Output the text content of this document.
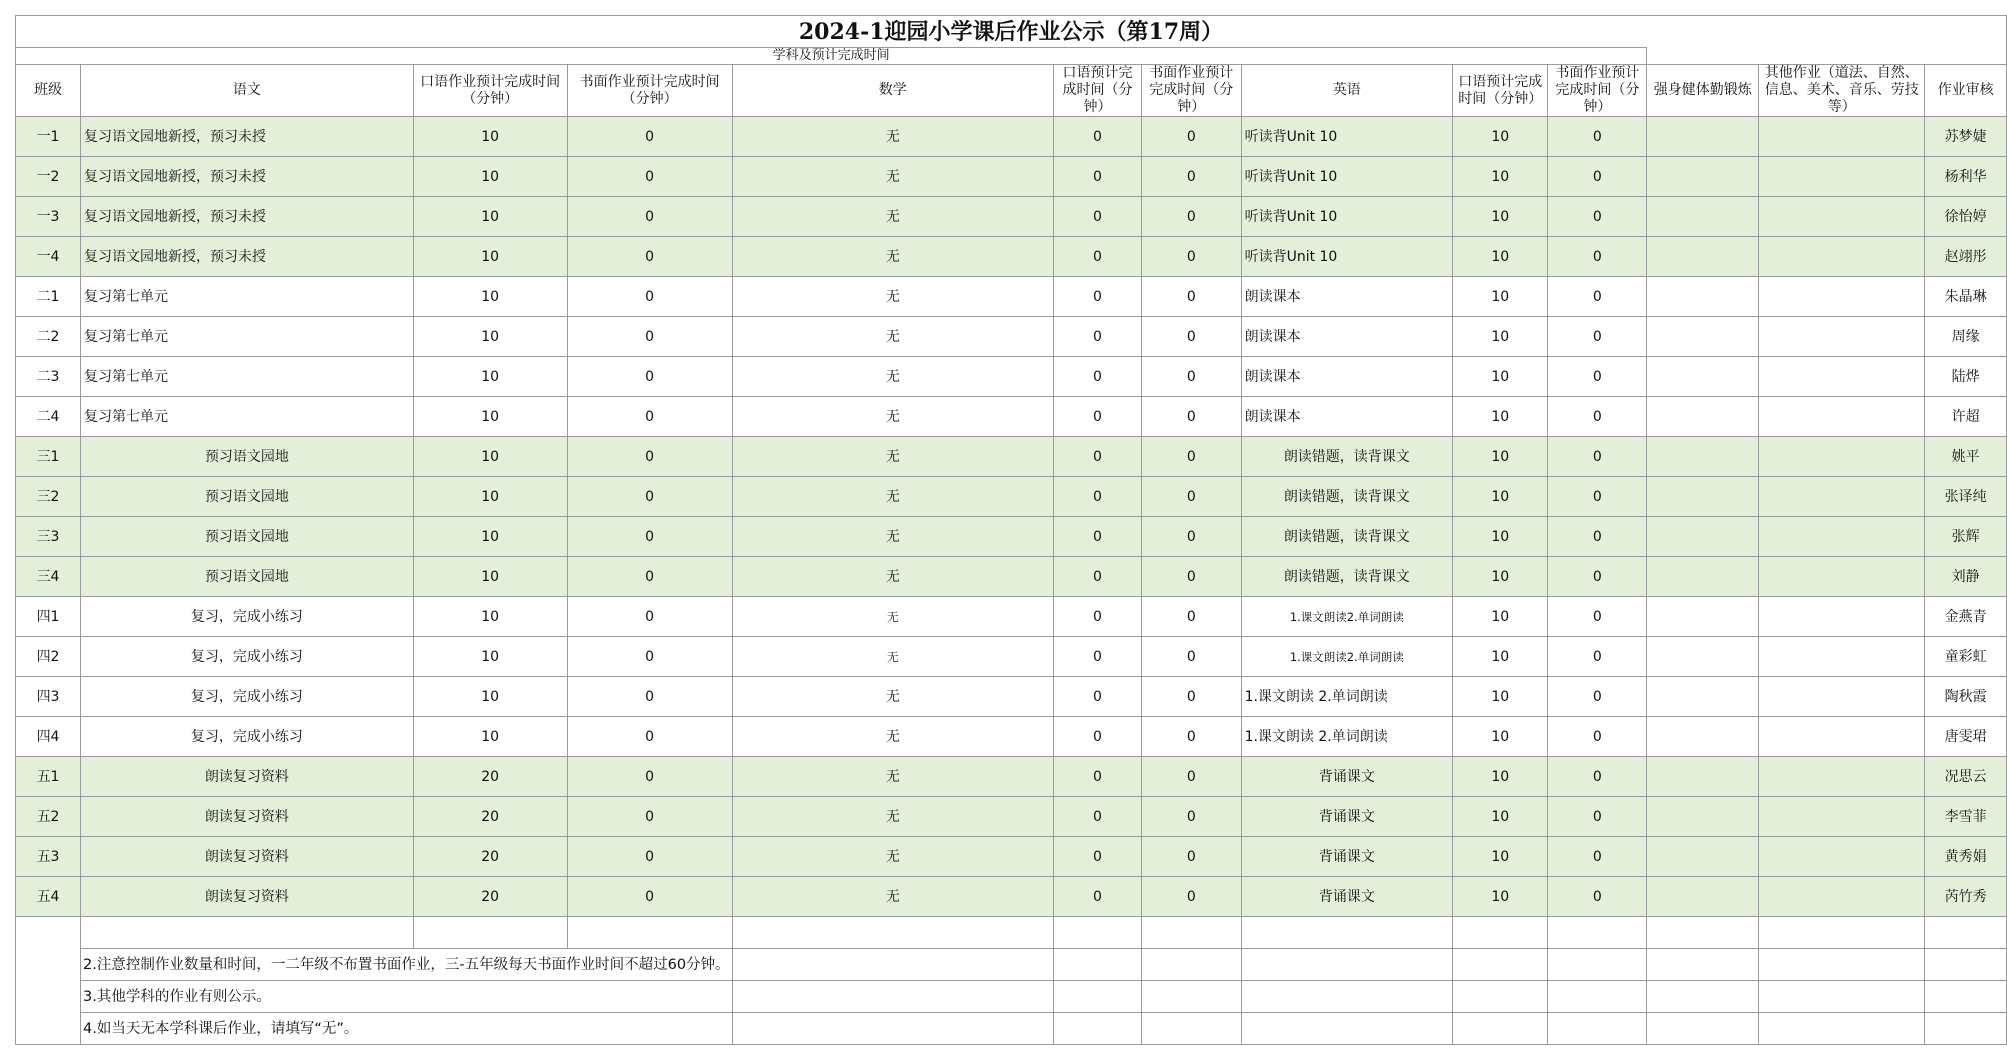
2024-1迎园小学课后作业公示（第17周）												
学科及预计完成时间												
班级	语文	口语作业预计完成时间（分钟）	书面作业预计完成时间（分钟）	数学	口语预计完成时间（分钟）	书面作业预计完成时间（分钟）	英语	口语预计完成时间（分钟）	书面作业预计完成时间（分钟）	强身健体勤锻炼	其他作业（道法、自然、信息、美术、音乐、劳技等）	作业审核
一1	复习语文园地新授，预习未授	10	0	无	0	0	听读背Unit 10	10	0			苏梦婕
一2	复习语文园地新授，预习未授	10	0	无	0	0	听读背Unit 10	10	0			杨利华
一3	复习语文园地新授，预习未授	10	0	无	0	0	听读背Unit 10	10	0			徐怡婷
一4	复习语文园地新授，预习未授	10	0	无	0	0	听读背Unit 10	10	0			赵翊彤
二1	复习第七单元	10	0	无	0	0	朗读课本	10	0			朱晶琳
二2	复习第七单元	10	0	无	0	0	朗读课本	10	0			周缘
二3	复习第七单元	10	0	无	0	0	朗读课本	10	0			陆烨
二4	复习第七单元	10	0	无	0	0	朗读课本	10	0			许超
三1	预习语文园地	10	0	无	0	0	朗读错题，读背课文	10	0			姚平
三2	预习语文园地	10	0	无	0	0	朗读错题，读背课文	10	0			张译纯
三3	预习语文园地	10	0	无	0	0	朗读错题，读背课文	10	0			张辉
三4	预习语文园地	10	0	无	0	0	朗读错题，读背课文	10	0			刘静
四1	复习，完成小练习	10	0	无	0	0	1.课文朗读2.单词朗读	10	0			金燕青
四2	复习，完成小练习	10	0	无	0	0	1.课文朗读2.单词朗读	10	0			童彩虹
四3	复习，完成小练习	10	0	无	0	0	1.课文朗读 2.单词朗读	10	0			陶秋霞
四4	复习，完成小练习	10	0	无	0	0	1.课文朗读 2.单词朗读	10	0			唐雯珺
五1	朗读复习资料	20	0	无	0	0	背诵课文	10	0			况思云
五2	朗读复习资料	20	0	无	0	0	背诵课文	10	0			李雪菲
五3	朗读复习资料	20	0	无	0	0	背诵课文	10	0			黄秀娟
五4	朗读复习资料	20	0	无	0	0	背诵课文	10	0			芮竹秀

	2.注意控制作业数量和时间，一二年级不布置书面作业，三-五年级每天书面作业时间不超过60分钟。											
	3.其他学科的作业有则公示。											
	4.如当天无本学科课后作业，请填写“无”。											
